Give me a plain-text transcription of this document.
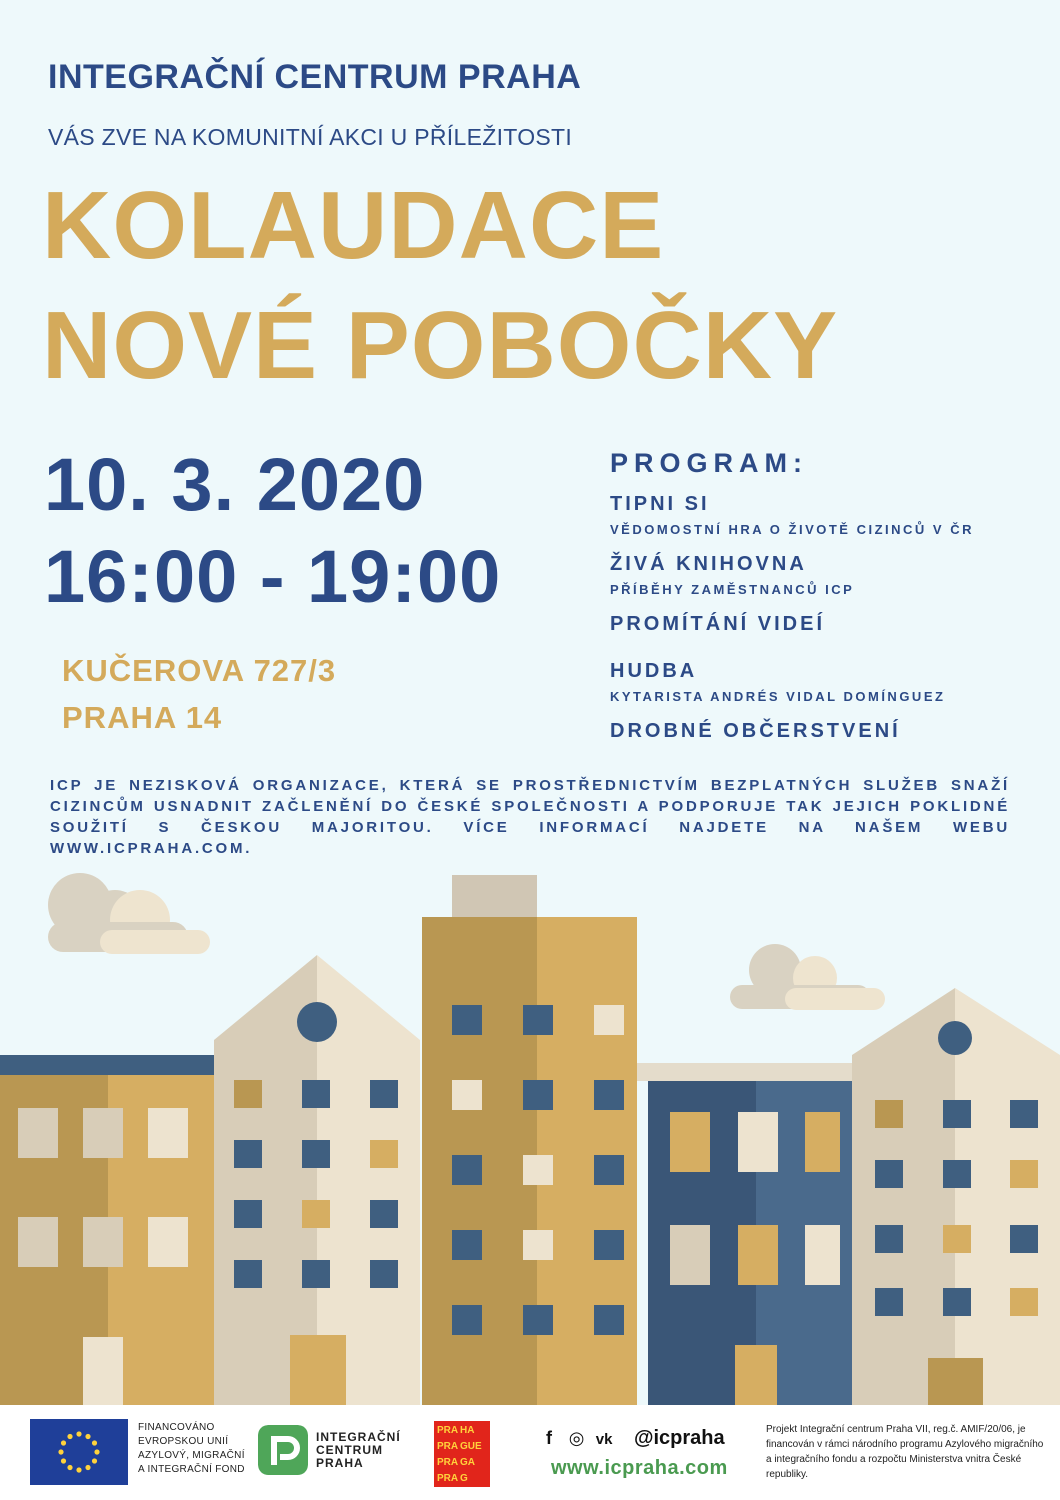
INTEGRAČNÍ CENTRUM PRAHA
VÁS ZVE NA KOMUNITNÍ AKCI U PŘÍLEŽITOSTI
KOLAUDACE
NOVÉ POBOČKY
10. 3. 2020
16:00 - 19:00
KUČEROVA 727/3
PRAHA 14
PROGRAM:
TIPNI SI
VĚDOMOSTNÍ HRA O ŽIVOTĚ CIZINCŮ V ČR
ŽIVÁ KNIHOVNA
PŘÍBĚHY ZAMĚSTNANCŮ ICP
PROMÍTÁNÍ VIDEÍ
HUDBA
KYTARISTA ANDRÉS VIDAL DOMÍNGUEZ
DROBNÉ OBČERSTVENÍ
ICP JE NEZISKOVÁ ORGANIZACE, KTERÁ SE PROSTŘEDNICTVÍM BEZPLATNÝCH SLUŽEB SNAŽÍ CIZINCŮM USNADNIT ZAČLENĚNÍ DO ČESKÉ SPOLEČNOSTI A PODPORUJE TAK JEJICH POKLIDNÉ SOUŽITÍ S ČESKOU MAJORITOU. VÍCE INFORMACÍ NAJDETE NA NAŠEM WEBU WWW.ICPRAHA.COM.
FINANCOVÁNO
EVROPSKOU UNIÍ
AZYLOVÝ, MIGRAČNÍ
A INTEGRAČNÍ FOND
INTEGRAČNÍ
CENTRUM
PRAHA
PRA HA
PRA GUE
PRA GA
PRA G
f ◎ vk @icpraha
www.icpraha.com
Projekt Integrační centrum Praha VII, reg.č. AMIF/20/06, je financován v rámci národního programu Azylového migračního a integračního fondu a rozpočtu Ministerstva vnitra České republiky.
